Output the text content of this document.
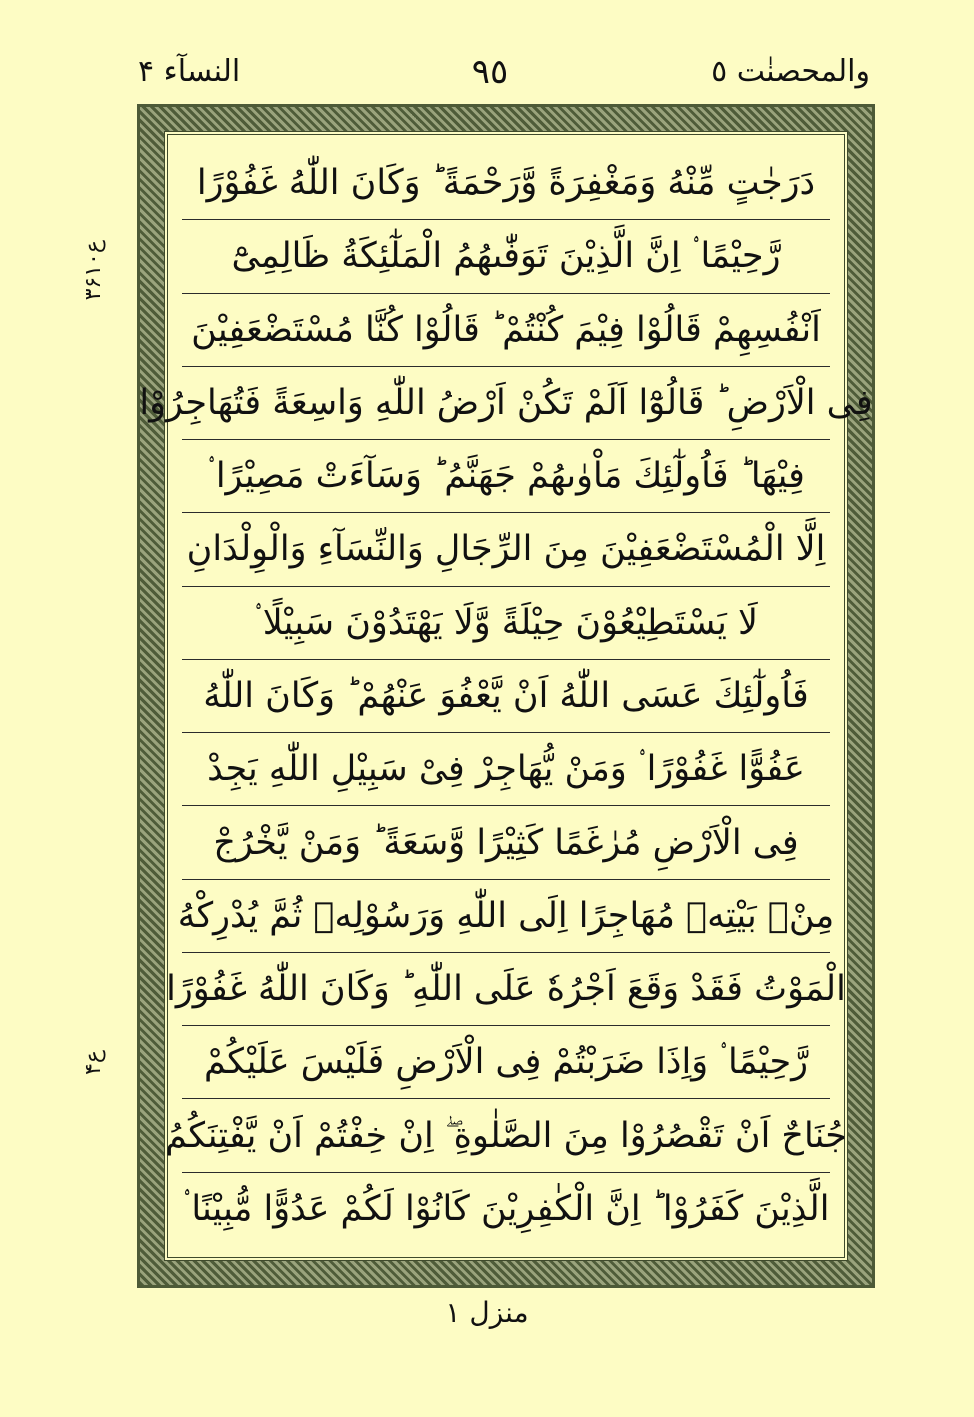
النسآء ۴	٩٥	والمحصنٰت ٥
۳۶ع۱۰
ع۴
دَرَجٰتٍ مِّنْهُ وَمَغْفِرَةً وَّرَحْمَةً ؕ وَكَانَ اللّٰهُ غَفُوْرًا
رَّحِيْمًا ۟ اِنَّ الَّذِيْنَ تَوَفّٰىهُمُ الْمَلٰٓئِكَةُ ظَالِمِىْٓ
اَنْفُسِهِمْ قَالُوْا فِيْمَ كُنْتُمْ ؕ قَالُوْا كُنَّا مُسْتَضْعَفِيْنَ
فِى الْاَرْضِ ؕ قَالُوْٓا اَلَمْ تَكُنْ اَرْضُ اللّٰهِ وَاسِعَةً فَتُهَاجِرُوْا
فِيْهَا ؕ فَاُولٰٓئِكَ مَاْوٰىهُمْ جَهَنَّمُ ؕ وَسَآءَتْ مَصِيْرًا ۟
اِلَّا الْمُسْتَضْعَفِيْنَ مِنَ الرِّجَالِ وَالنِّسَآءِ وَالْوِلْدَانِ
لَا يَسْتَطِيْعُوْنَ حِيْلَةً وَّلَا يَهْتَدُوْنَ سَبِيْلًا ۟
فَاُولٰٓئِكَ عَسَى اللّٰهُ اَنْ يَّعْفُوَ عَنْهُمْ ؕ وَكَانَ اللّٰهُ
عَفُوًّا غَفُوْرًا ۟ وَمَنْ يُّهَاجِرْ فِىْ سَبِيْلِ اللّٰهِ يَجِدْ
فِى الْاَرْضِ مُرٰغَمًا كَثِيْرًا وَّسَعَةً ؕ وَمَنْ يَّخْرُجْ
مِنْۢ بَيْتِهٖ مُهَاجِرًا اِلَى اللّٰهِ وَرَسُوْلِهٖ ثُمَّ يُدْرِكْهُ
الْمَوْتُ فَقَدْ وَقَعَ اَجْرُهٗ عَلَى اللّٰهِ ؕ وَكَانَ اللّٰهُ غَفُوْرًا
رَّحِيْمًا ۟ وَاِذَا ضَرَبْتُمْ فِى الْاَرْضِ فَلَيْسَ عَلَيْكُمْ
جُنَاحٌ اَنْ تَقْصُرُوْا مِنَ الصَّلٰوةِ ۖ اِنْ خِفْتُمْ اَنْ يَّفْتِنَكُمُ
الَّذِيْنَ كَفَرُوْا ؕ اِنَّ الْكٰفِرِيْنَ كَانُوْا لَكُمْ عَدُوًّا مُّبِيْنًا ۟
منزل ۱
